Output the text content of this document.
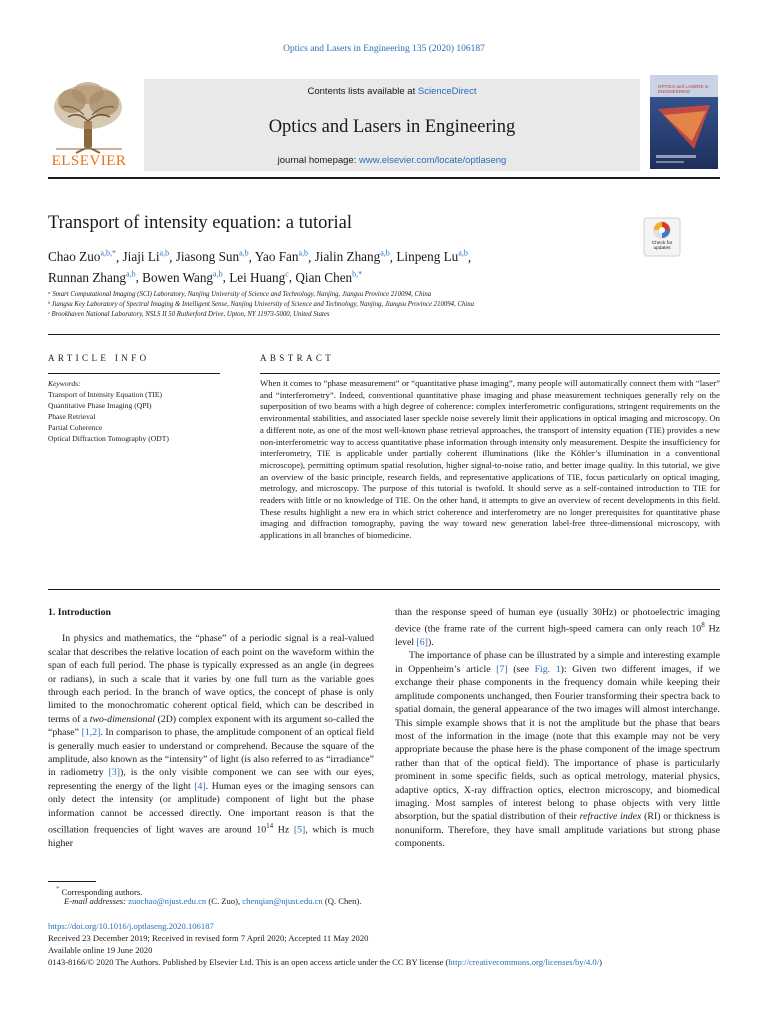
Optics and Lasers in Engineering 135 (2020) 106187
ELSEVIER
Contents lists available at ScienceDirect
Optics and Lasers in Engineering
journal homepage: www.elsevier.com/locate/optlaseng
OPTICS and LASERS in ENGINEERING
Transport of intensity equation: a tutorial
Check for updates
Chao Zuo$^{a,b,*}$, Jiaji Li$^{a,b}$, Jiasong Sun$^{a,b}$, Yao Fan$^{a,b}$, Jialin Zhang$^{a,b}$, Linpeng Lu$^{a,b}$,
Runnan Zhang$^{a,b}$, Bowen Wang$^{a,b}$, Lei Huang$^c$, Qian Chen$^{b,*}$
ᵃ Smart Computational Imaging (SCI) Laboratory, Nanjing University of Science and Technology, Nanjing, Jiangsu Province 210094, China
ᵇ Jiangsu Key Laboratory of Spectral Imaging & Intelligent Sense, Nanjing University of Science and Technology, Nanjing, Jiangsu Province 210094, China
ᶜ Brookhaven National Laboratory, NSLS II 50 Rutherford Drive, Upton, NY 11973-5000, United States
ARTICLE INFO
Keywords:
Transport of Intensity Equation (TIE)
Quantitative Phase Imaging (QPI)
Phase Retrieval
Partial Coherence
Optical Diffraction Tomography (ODT)
ABSTRACT
When it comes to “phase measurement” or “quantitative phase imaging”, many people will automatically connect them with “laser” and “interferometry”. Indeed, conventional quantitative phase imaging and phase measurement techniques generally rely on the superposition of two beams with a high degree of coherence: complex interferometric configurations, stringent requirements on the environmental stabilities, and associated laser speckle noise severely limit their applications in optical imaging and microscopy. On a different note, as one of the most well-known phase retrieval approaches, the transport of intensity equation (TIE) provides a new non-interferometric way to access quantitative phase information through intensity only measurement. Despite the insufficiency for interferometry, TIE is applicable under partially coherent illuminations (like the Köhler’s illumination in a conventional microscope), permitting optimum spatial resolution, higher signal-to-noise ratio, and better image quality. In this tutorial, we give an overview of the basic principle, research fields, and representative applications of TIE, focus particularly on optical imaging, metrology, and microscopy. The purpose of this tutorial is twofold. It should serve as a self-contained introduction to TIE for readers with little or no knowledge of TIE. On the other hand, it attempts to give an overview of recent developments in this field. These results highlight a new era in which strict coherence and interferometry are no longer prerequisites for quantitative phase imaging and diffraction tomography, paving the way toward new generation label-free three-dimensional microscopy, with applications in all branches of biomedicine.

1. Introduction

In physics and mathematics, the “phase” of a periodic signal is a real-valued scalar that describes the relative location of each point on the waveform within the span of each full period. The phase is typically expressed as an angle (in degrees or radians), in such a scale that it varies by one full turn as the variable goes through each period. In the branch of wave optics, the concept of phase is only limited to the monochromatic coherent optical field, which can be described in terms of a two-dimensional (2D) complex exponent with its argument so-called the “phase” [1,2]. In comparison to phase, the amplitude component of an optical field is generally much easier to understand or comprehend. Because the square of the amplitude, also known as the “intensity” of light (is also referred to as “irradiance” in radiometry [3]), is the only visible component we can see with our eyes, representing the energy of the light [4]. Human eyes or the imaging sensors can only detect the intensity (or amplitude) component of light but the phase information cannot be accessed directly. One important reason is that the oscillation frequencies of light waves are around $10^{14}$ Hz [5], which is much higher

than the response speed of human eye (usually 30Hz) or photoelectric imaging device (the frame rate of the current high-speed camera can only reach $10^8$ Hz level [6]).

The importance of phase can be illustrated by a simple and interesting example in Oppenheim’s article [7] (see Fig. 1): Given two different images, if we exchange their phase components in the frequency domain while keeping their amplitude components unchanged, then Fourier transforming their spectra back to spatial domain, the general appearance of the two images will almost interchange. This simple example shows that it is not the amplitude but the phase that bears most of the information in the image (note that this example may not be very appropriate because the phase here is the phase component of the image spectrum rather than that of the optical field). The importance of phase is particularly prominent in some specific fields, such as optical metrology, material physics, adaptive optics, X-ray diffraction optics, electron microscopy, and biomedical imaging. Most samples of interest belong to phase objects with very little absorption, but the spatial distribution of their refractive index (RI) or thickness is nonuniform. Therefore, they have small amplitude variations but strong phase components.

* Corresponding authors.
E-mail addresses: zuochao@njust.edu.cn (C. Zuo), chenqian@njust.edu.cn (Q. Chen).
https://doi.org/10.1016/j.optlaseng.2020.106187
Received 23 December 2019; Received in revised form 7 April 2020; Accepted 11 May 2020
Available online 19 June 2020
0143-8166/© 2020 The Authors. Published by Elsevier Ltd. This is an open access article under the CC BY license (http://creativecommons.org/licenses/by/4.0/)
